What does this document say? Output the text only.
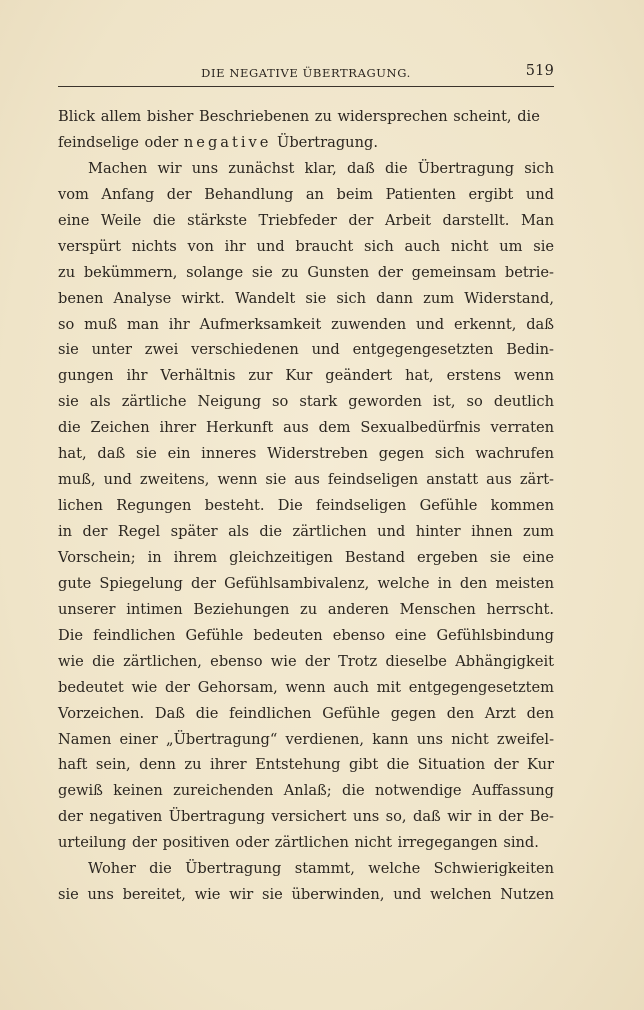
DIE NEGATIVE ÜBERTRAGUNG.	519
Blick allem bisher Beschriebenen zu widersprechen scheint, die
feindselige oder negative Übertragung.
Machen wir uns zunächst klar, daß die Übertragung sich
vom Anfang der Behandlung an beim Patienten ergibt und
eine Weile die stärkste Triebfeder der Arbeit darstellt. Man
verspürt nichts von ihr und braucht sich auch nicht um sie
zu bekümmern, solange sie zu Gunsten der gemeinsam betrie-
benen Analyse wirkt. Wandelt sie sich dann zum Widerstand,
so muß man ihr Aufmerksamkeit zuwenden und erkennt, daß
sie unter zwei verschiedenen und entgegengesetzten Bedin-
gungen ihr Verhältnis zur Kur geändert hat, erstens wenn
sie als zärtliche Neigung so stark geworden ist, so deutlich
die Zeichen ihrer Herkunft aus dem Sexualbedürfnis verraten
hat, daß sie ein inneres Widerstreben gegen sich wachrufen
muß, und zweitens, wenn sie aus feindseligen anstatt aus zärt-
lichen Regungen besteht. Die feindseligen Gefühle kommen
in der Regel später als die zärtlichen und hinter ihnen zum
Vorschein; in ihrem gleichzeitigen Bestand ergeben sie eine
gute Spiegelung der Gefühlsambivalenz, welche in den meisten
unserer intimen Beziehungen zu anderen Menschen herrscht.
Die feindlichen Gefühle bedeuten ebenso eine Gefühlsbindung
wie die zärtlichen, ebenso wie der Trotz dieselbe Abhängigkeit
bedeutet wie der Gehorsam, wenn auch mit entgegengesetztem
Vorzeichen. Daß die feindlichen Gefühle gegen den Arzt den
Namen einer „Übertragung“ verdienen, kann uns nicht zweifel-
haft sein, denn zu ihrer Entstehung gibt die Situation der Kur
gewiß keinen zureichenden Anlaß; die notwendige Auffassung
der negativen Übertragung versichert uns so, daß wir in der Be-
urteilung der positiven oder zärtlichen nicht irregegangen sind.
Woher die Übertragung stammt, welche Schwierigkeiten
sie uns bereitet, wie wir sie überwinden, und welchen Nutzen
